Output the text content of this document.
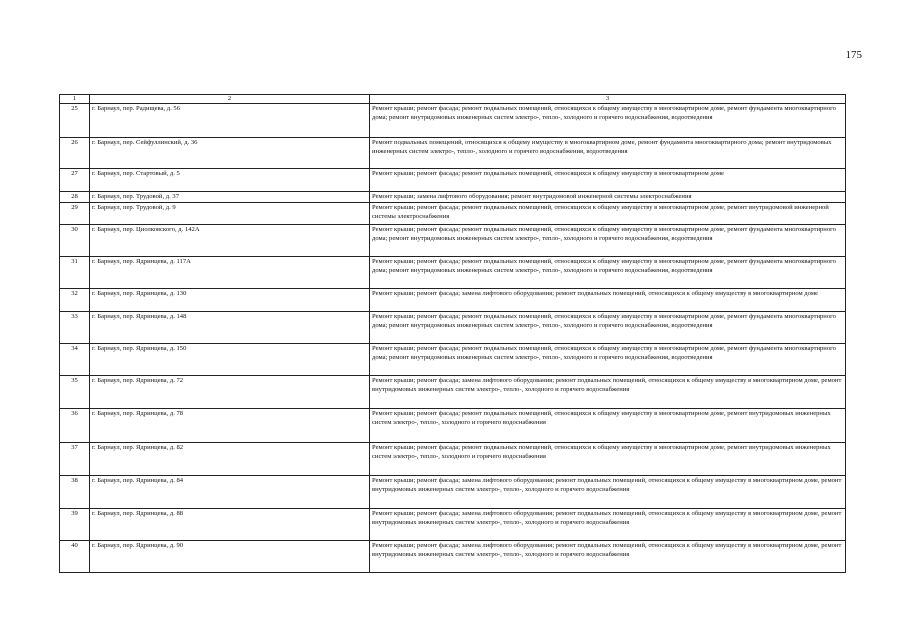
175
1	2	3
25	г. Барнаул, пер. Радищева, д. 56	Ремонт крыши; ремонт фасада; ремонт подвальных помещений, относящихся к общему имуществу в многоквартирном доме, ремонт фундамента многоквартирного дома; ремонт внутридомовых инженерных систем электро-, тепло-, холодного и горячего водоснабжения, водоотведения
26	г. Барнаул, пер. Сейфуллинский, д. 36	Ремонт подвальных помещений, относящихся к общему имуществу в многоквартирном доме, ремонт фундамента многоквартирного дома; ремонт внутридомовых инженерных систем электро-, тепло-, холодного и горячего водоснабжения, водоотведения
27	г. Барнаул, пер. Стартовый, д. 5	Ремонт крыши; ремонт фасада; ремонт подвальных помещений, относящихся к общему имуществу в многоквартирном доме
28	г. Барнаул, пер. Трудовой, д. 37	Ремонт крыши; замена лифтового оборудования; ремонт внутридомовой инженерной системы электроснабжения
29	г. Барнаул, пер. Трудовой, д. 9	Ремонт крыши; ремонт фасада; ремонт подвальных помещений, относящихся к общему имуществу в многоквартирном доме, ремонт внутридомовой инженерной системы электроснабжения
30	г. Барнаул, пер. Циолковского, д. 142А	Ремонт крыши; ремонт фасада; ремонт подвальных помещений, относящихся к общему имуществу в многоквартирном доме, ремонт фундамента многоквартирного дома; ремонт внутридомовых инженерных систем электро-, тепло-, холодного и горячего водоснабжения, водоотведения
31	г. Барнаул, пер. Ядринцева, д. 117А	Ремонт крыши; ремонт фасада; ремонт подвальных помещений, относящихся к общему имуществу в многоквартирном доме, ремонт фундамента многоквартирного дома; ремонт внутридомовых инженерных систем электро-, тепло-, холодного и горячего водоснабжения, водоотведения
32	г. Барнаул, пер. Ядринцева, д. 130	Ремонт крыши; ремонт фасада; замена лифтового оборудования; ремонт подвальных помещений, относящихся к общему имуществу в многоквартирном доме
33	г. Барнаул, пер. Ядринцева, д. 148	Ремонт крыши; ремонт фасада; ремонт подвальных помещений, относящихся к общему имуществу в многоквартирном доме, ремонт фундамента многоквартирного дома; ремонт внутридомовых инженерных систем электро-, тепло-, холодного и горячего водоснабжения, водоотведения
34	г. Барнаул, пер. Ядринцева, д. 150	Ремонт крыши; ремонт фасада; ремонт подвальных помещений, относящихся к общему имуществу в многоквартирном доме, ремонт фундамента многоквартирного дома; ремонт внутридомовых инженерных систем электро-, тепло-, холодного и горячего водоснабжения, водоотведения
35	г. Барнаул, пер. Ядринцева, д. 72	Ремонт крыши; ремонт фасада; замена лифтового оборудования; ремонт подвальных помещений, относящихся к общему имуществу в многоквартирном доме, ремонт внутридомовых инженерных систем электро-, тепло-, холодного и горячего водоснабжения
36	г. Барнаул, пер. Ядринцева, д. 78	Ремонт крыши; ремонт фасада; ремонт подвальных помещений, относящихся к общему имуществу в многоквартирном доме, ремонт внутридомовых инженерных систем электро-, тепло-, холодного и горячего водоснабжения
37	г. Барнаул, пер. Ядринцева, д. 82	Ремонт крыши; ремонт фасада; ремонт подвальных помещений, относящихся к общему имуществу в многоквартирном доме, ремонт внутридомовых инженерных систем электро-, тепло-, холодного и горячего водоснабжения
38	г. Барнаул, пер. Ядринцева, д. 84	Ремонт крыши; ремонт фасада; замена лифтового оборудования; ремонт подвальных помещений, относящихся к общему имуществу в многоквартирном доме, ремонт внутридомовых инженерных систем электро-, тепло-, холодного и горячего водоснабжения
39	г. Барнаул, пер. Ядринцева, д. 88	Ремонт крыши; ремонт фасада; замена лифтового оборудования; ремонт подвальных помещений, относящихся к общему имуществу в многоквартирном доме, ремонт внутридомовых инженерных систем электро-, тепло-, холодного и горячего водоснабжения
40	г. Барнаул, пер. Ядринцева, д. 90	Ремонт крыши; ремонт фасада; замена лифтового оборудования; ремонт подвальных помещений, относящихся к общему имуществу в многоквартирном доме, ремонт внутридомовых инженерных систем электро-, тепло-, холодного и горячего водоснабжения
